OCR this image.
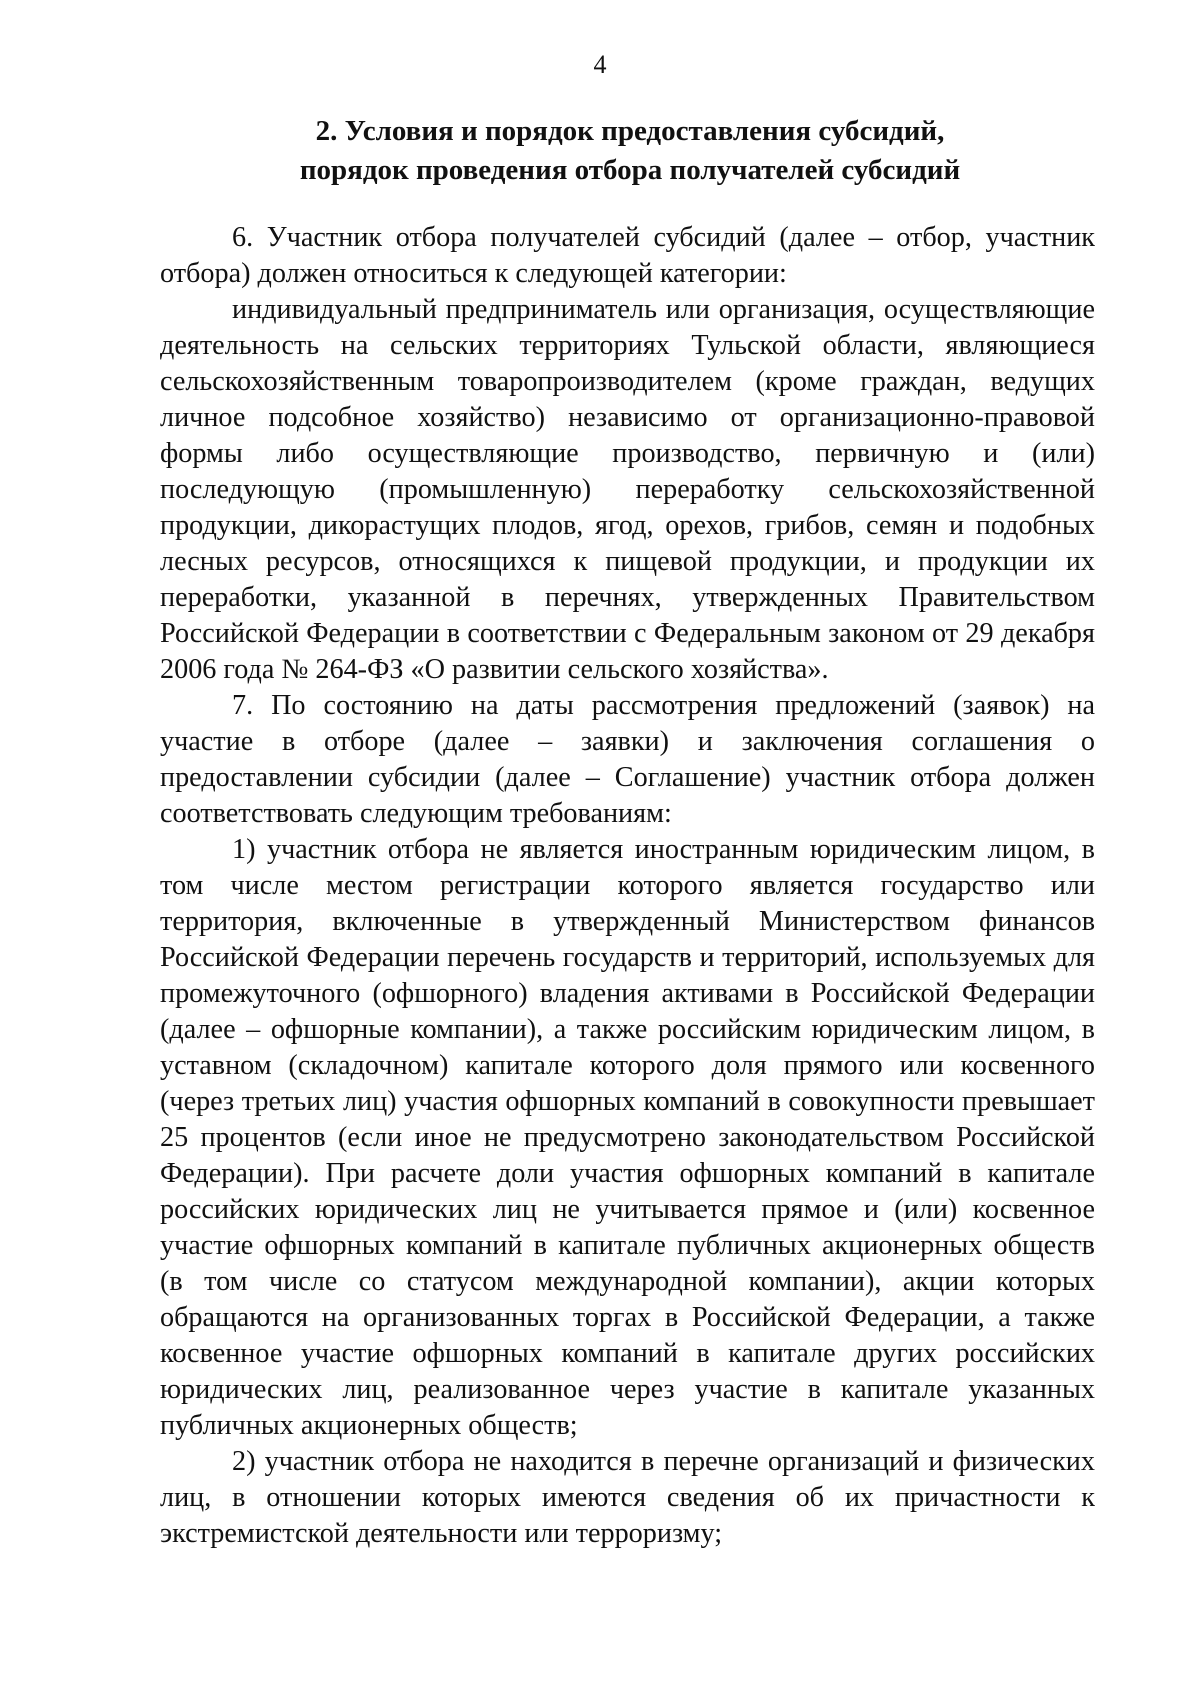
4
2. Условия и порядок предоставления субсидий,
порядок проведения отбора получателей субсидий

6. Участник отбора получателей субсидий (далее – отбор, участник отбора) должен относиться к следующей категории:

индивидуальный предприниматель или организация, осуществляющие деятельность на сельских территориях Тульской области, являющиеся сельскохозяйственным товаропроизводителем (кроме граждан, ведущих личное подсобное хозяйство) независимо от организационно-правовой формы либо осуществляющие производство, первичную и (или) последующую (промышленную) переработку сельскохозяйственной продукции, дикорастущих плодов, ягод, орехов, грибов, семян и подобных лесных ресурсов, относящихся к пищевой продукции, и продукции их переработки, указанной в перечнях, утвержденных Правительством Российской Федерации в соответствии с Федеральным законом от 29 декабря 2006 года № 264-ФЗ «О развитии сельского хозяйства».

7. По состоянию на даты рассмотрения предложений (заявок) на участие в отборе (далее – заявки) и заключения соглашения о предоставлении субсидии (далее – Соглашение) участник отбора должен соответствовать следующим требованиям:

1) участник отбора не является иностранным юридическим лицом, в том числе местом регистрации которого является государство или территория, включенные в утвержденный Министерством финансов Российской Федерации перечень государств и территорий, используемых для промежуточного (офшорного) владения активами в Российской Федерации (далее – офшорные компании), а также российским юридическим лицом, в уставном (складочном) капитале которого доля прямого или косвенного (через третьих лиц) участия офшорных компаний в совокупности превышает 25 процентов (если иное не предусмотрено законодательством Российской Федерации). При расчете доли участия офшорных компаний в капитале российских юридических лиц не учитывается прямое и (или) косвенное участие офшорных компаний в капитале публичных акционерных обществ (в том числе со статусом международной компании), акции которых обращаются на организованных торгах в Российской Федерации, а также косвенное участие офшорных компаний в капитале других российских юридических лиц, реализованное через участие в капитале указанных публичных акционерных обществ;

2) участник отбора не находится в перечне организаций и физических лиц, в отношении которых имеются сведения об их причастности к экстремистской деятельности или терроризму;
